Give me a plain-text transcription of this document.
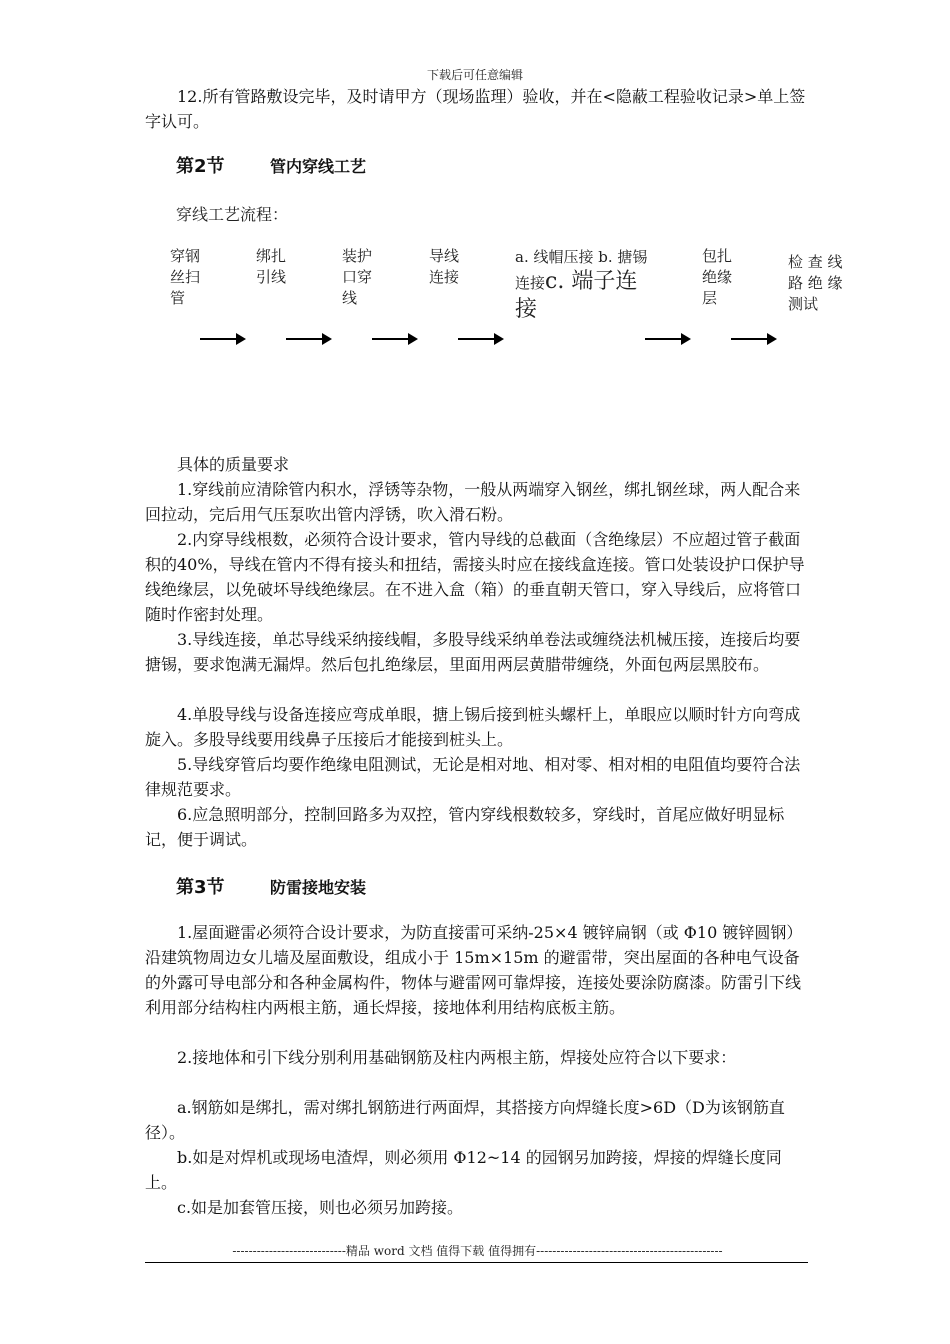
下载后可任意编辑

12.所有管路敷设完毕，及时请甲方（现场监理）验收，并在<隐蔽工程验收记录>单上签字认可。

第2节	管内穿线工艺
穿线工艺流程：
穿钢丝扫管
绑扎引线
装护口穿线
导线连接
a. 线帽压接 b. 搪锡连接c. 端子连接
包扎绝缘层
检 查 线 路 绝 缘 测试

具体的质量要求

1.穿线前应清除管内积水，浮锈等杂物，一般从两端穿入钢丝，绑扎钢丝球，两人配合来回拉动，完后用气压泵吹出管内浮锈，吹入滑石粉。

2.内穿导线根数，必须符合设计要求，管内导线的总截面（含绝缘层）不应超过管子截面积的40%，导线在管内不得有接头和扭结，需接头时应在接线盒连接。管口处装设护口保护导线绝缘层，以免破坏导线绝缘层。在不进入盒（箱）的垂直朝天管口，穿入导线后，应将管口随时作密封处理。

3.导线连接，单芯导线采纳接线帽，多股导线采纳单卷法或缠绕法机械压接，连接后均要搪锡，要求饱满无漏焊。然后包扎绝缘层，里面用两层黄腊带缠绕，外面包两层黑胶布。

4.单股导线与设备连接应弯成单眼，搪上锡后接到桩头螺杆上，单眼应以顺时针方向弯成旋入。多股导线要用线鼻子压接后才能接到桩头上。

5.导线穿管后均要作绝缘电阻测试，无论是相对地、相对零、相对相的电阻值均要符合法律规范要求。

6.应急照明部分，控制回路多为双控，管内穿线根数较多，穿线时，首尾应做好明显标记，便于调试。

第3节	防雷接地安装

1.屋面避雷必须符合设计要求，为防直接雷可采纳-25×4 镀锌扁钢（或 Φ10 镀锌圆钢）沿建筑物周边女儿墙及屋面敷设，组成小于 15m×15m 的避雷带，突出屋面的各种电气设备的外露可导电部分和各种金属构件，物体与避雷网可靠焊接，连接处要涂防腐漆。防雷引下线利用部分结构柱内两根主筋，通长焊接，接地体利用结构底板主筋。

2.接地体和引下线分别利用基础钢筋及柱内两根主筋，焊接处应符合以下要求：

a.钢筋如是绑扎，需对绑扎钢筋进行两面焊，其搭接方向焊缝长度>6D（D为该钢筋直径）。

b.如是对焊机或现场电渣焊，则必须用 Φ12~14 的园钢另加跨接，焊接的焊缝长度同上。

c.如是加套管压接，则也必须另加跨接。

----------------------------精品 word 文档 值得下载 值得拥有----------------------------------------------
